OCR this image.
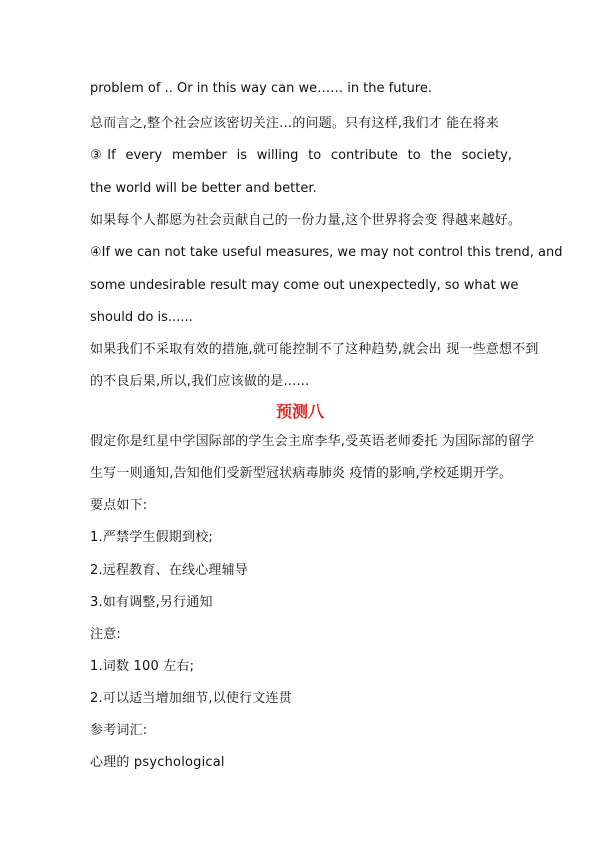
problem of .. Or in this way can we…… in the future.
总而言之,整个社会应该密切关注…的问题。只有这样,我们才 能在将来
③If every member is willing to contribute to the society,
the world will be better and better.
如果每个人都愿为社会贡献自己的一份力量,这个世界将会变 得越来越好。
④If we can not take useful measures, we may not control this trend, and
some undesirable result may come out unexpectedly, so what we
should do is......
如果我们不采取有效的措施,就可能控制不了这种趋势,就会出 现一些意想不到
的不良后果,所以,我们应该做的是......
预测八
假定你是红星中学国际部的学生会主席李华,受英语老师委托 为国际部的留学
生写一则通知,告知他们受新型冠状病毒肺炎 疫情的影响,学校延期开学。
要点如下:
1.严禁学生假期到校;
2.远程教育、在线心理辅导
3.如有调整,另行通知
注意:
1.词数 100 左右;
2.可以适当增加细节,以使行文连贯
参考词汇:
心理的 psychological
